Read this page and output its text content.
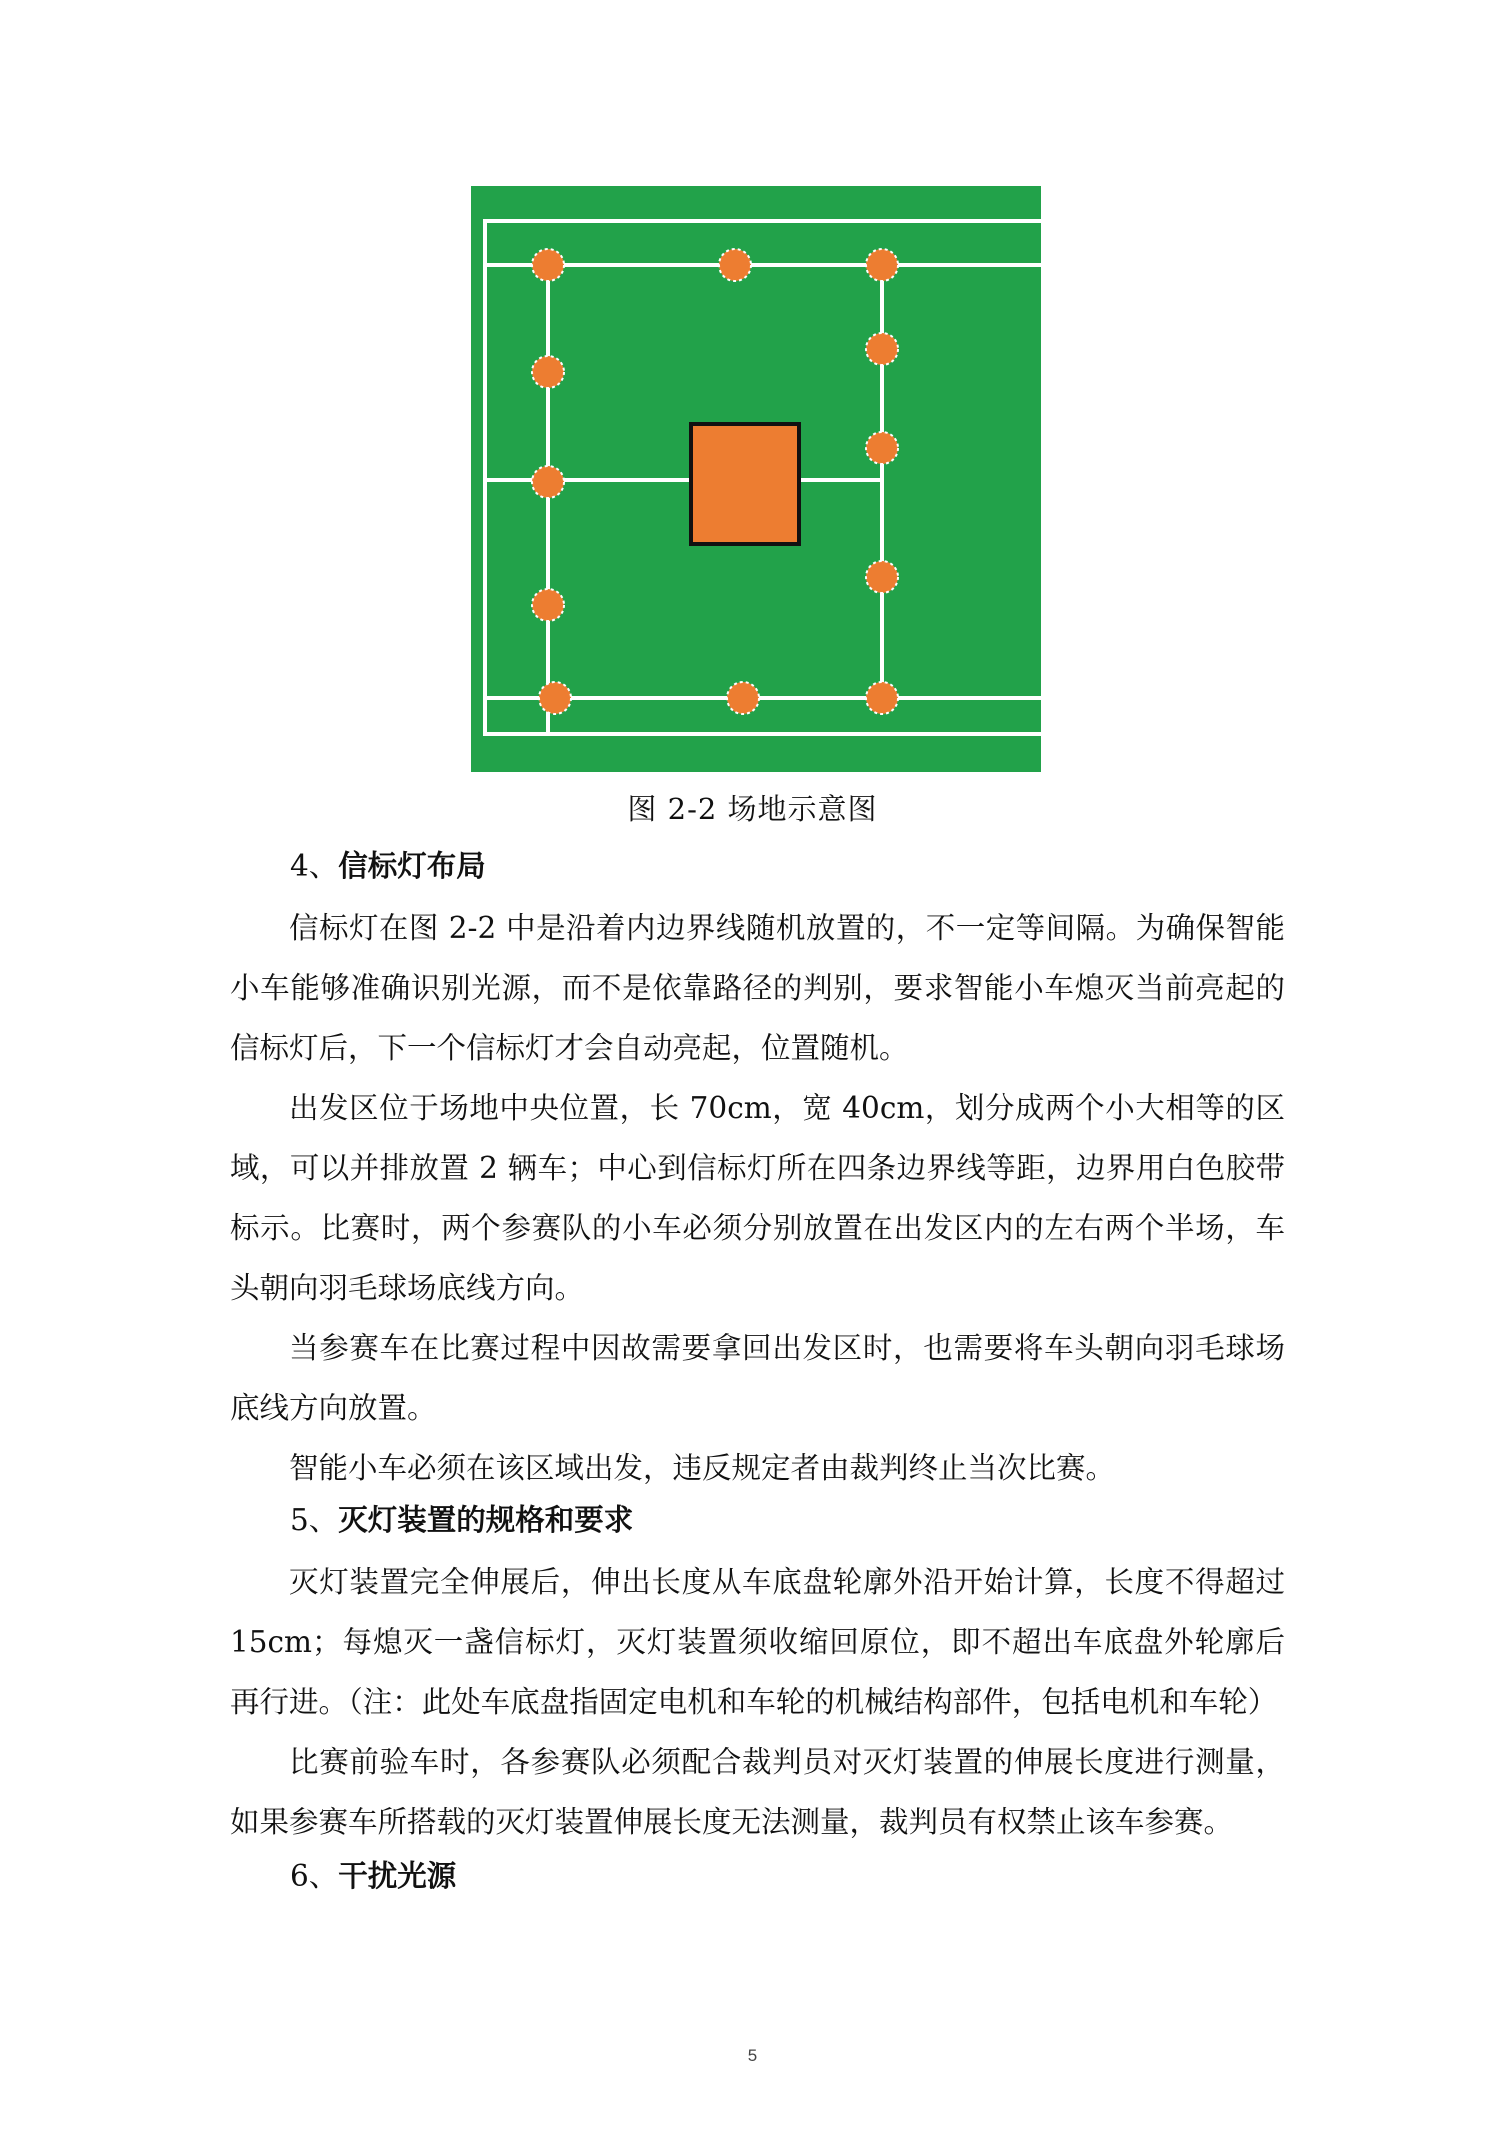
图 2-2 场地示意图
4、信标灯布局

信标灯在图 2-2 中是沿着内边界线随机放置的，不一定等间隔。为确保智能小车能够准确识别光源，而不是依靠路径的判别，要求智能小车熄灭当前亮起的信标灯后，下一个信标灯才会自动亮起，位置随机。

出发区位于场地中央位置，长 70cm，宽 40cm，划分成两个小大相等的区域，可以并排放置 2 辆车；中心到信标灯所在四条边界线等距，边界用白色胶带标示。比赛时，两个参赛队的小车必须分别放置在出发区内的左右两个半场，车头朝向羽毛球场底线方向。

当参赛车在比赛过程中因故需要拿回出发区时，也需要将车头朝向羽毛球场底线方向放置。

智能小车必须在该区域出发，违反规定者由裁判终止当次比赛。

5、灭灯装置的规格和要求

灭灯装置完全伸展后，伸出长度从车底盘轮廓外沿开始计算，长度不得超过 15cm；每熄灭一盏信标灯，灭灯装置须收缩回原位，即不超出车底盘外轮廓后再行进。（注：此处车底盘指固定电机和车轮的机械结构部件，包括电机和车轮）

比赛前验车时，各参赛队必须配合裁判员对灭灯装置的伸展长度进行测量，如果参赛车所搭载的灭灯装置伸展长度无法测量，裁判员有权禁止该车参赛。

6、干扰光源
5
